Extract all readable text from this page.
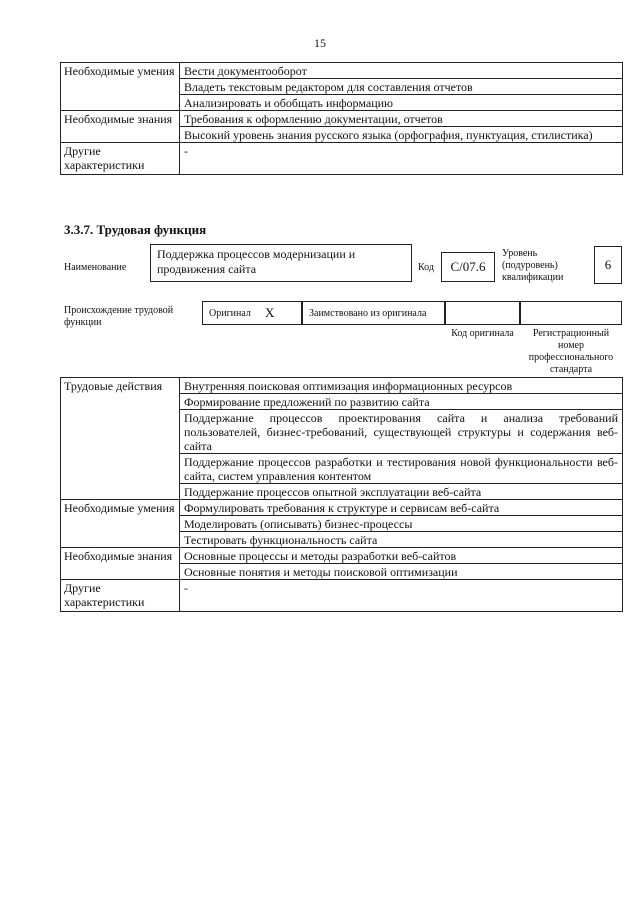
15
Необходимые умения	Вести документооборот
	Владеть текстовым редактором для составления отчетов
	Анализировать и обобщать информацию
Необходимые знания	Требования к оформлению документации, отчетов
	Высокий уровень знания русского языка (орфография, пунктуация, стилистика)
Другие характеристики	-
3.3.7. Трудовая функция
Наименование
Поддержка процессов модернизации и продвижения сайта	Код	C/07.6
Уровень (подуровень) квалификации
6
Происхождение трудовой функции
Оригинал X	Заимствовано из оригинала
Код оригинала	Регистрационный номер профессионального стандарта
Трудовые действия	Внутренняя поисковая оптимизация информационных ресурсов
	Формирование предложений по развитию сайта
	Поддержание процессов проектирования сайта и анализа требований пользователей, бизнес-требований, существующей структуры и содержания веб-сайта
	Поддержание процессов разработки и тестирования новой функциональности веб-сайта, систем управления контентом
	Поддержание процессов опытной эксплуатации веб-сайта
Необходимые умения	Формулировать требования к структуре и сервисам веб-сайта
	Моделировать (описывать) бизнес-процессы
	Тестировать функциональность сайта
Необходимые знания	Основные процессы и методы разработки веб-сайтов
	Основные понятия и методы поисковой оптимизации
Другие характеристики	-
